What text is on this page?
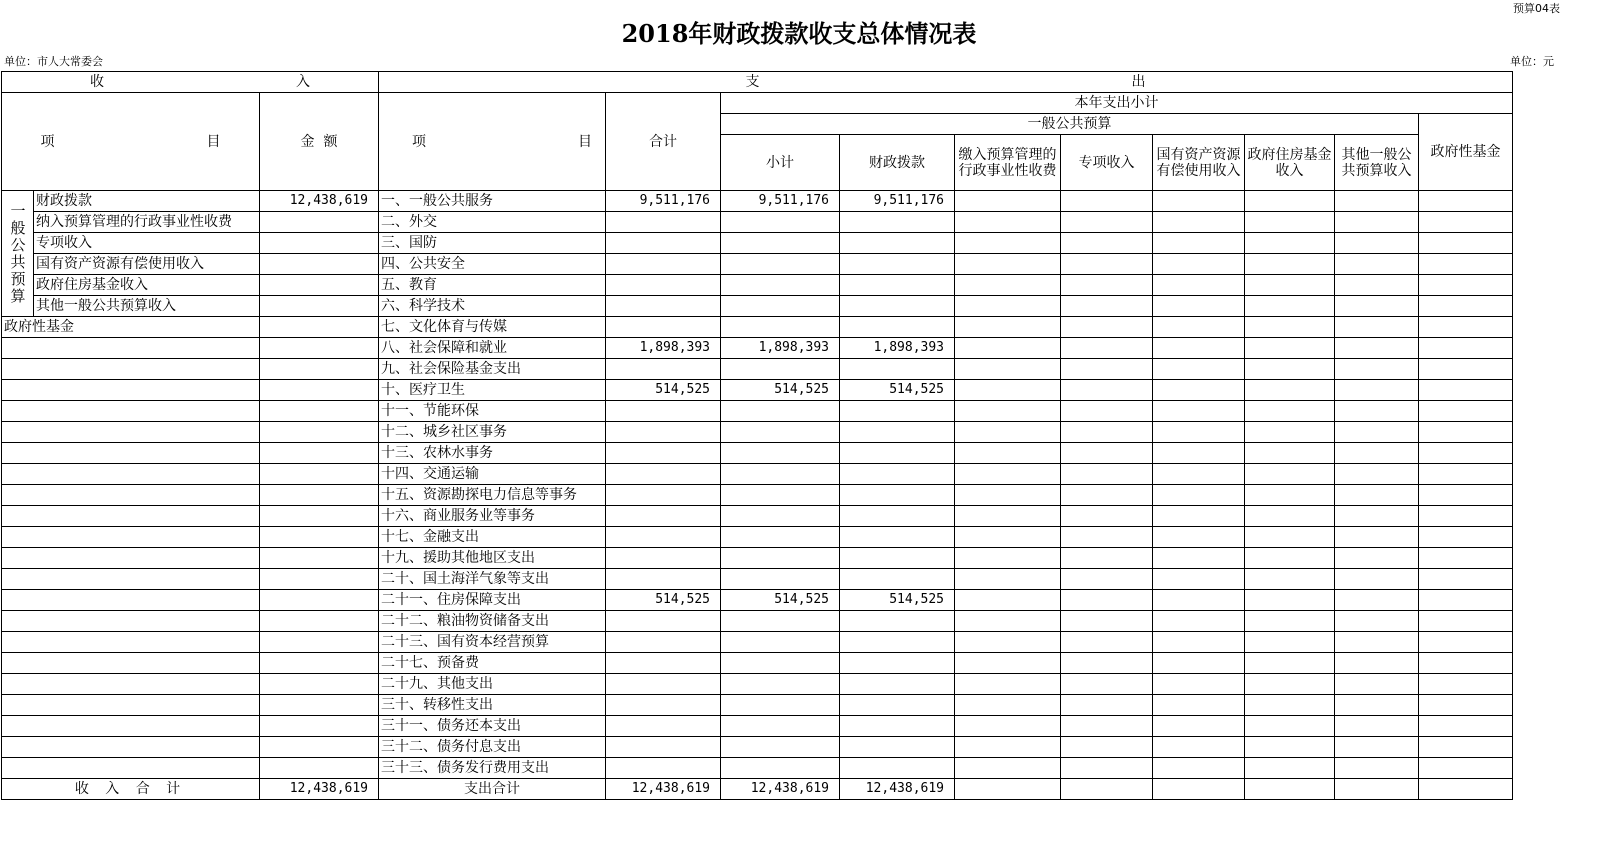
预算04表
2018年财政拨款收支总体情况表
单位：市人大常委会	单位：元
收 入			支 出									
项 目		金  额	项 目	合计	本年支出小计							
					一般公共预算							政府性基金
					小计	财政拨款	缴入预算管理的行政事业性收费	专项收入	国有资产资源有偿使用收入	政府住房基金收入	其他一般公共预算收入	

一般公共预算	财政拨款	12,438,619	一、一般公共服务	9,511,176	9,511,176	9,511,176						
	纳入预算管理的行政事业性收费		二、外交									
	专项收入		三、国防									
	国有资产资源有偿使用收入		四、公共安全									
	政府住房基金收入		五、教育									
	其他一般公共预算收入		六、科学技术									
政府性基金			七、文化体育与传媒									
			八、社会保障和就业	1,898,393	1,898,393	1,898,393						
			九、社会保险基金支出									
			十、医疗卫生	514,525	514,525	514,525						
			十一、节能环保									
			十二、城乡社区事务									
			十三、农林水事务									
			十四、交通运输									
			十五、资源勘探电力信息等事务									
			十六、商业服务业等事务									
			十七、金融支出									
			十九、援助其他地区支出									
			二十、国土海洋气象等支出									
			二十一、住房保障支出	514,525	514,525	514,525						
			二十二、粮油物资储备支出									
			二十三、国有资本经营预算									
			二十七、预备费									
			二十九、其他支出									
			三十、转移性支出									
			三十一、债务还本支出									
			三十二、债务付息支出									
			三十三、债务发行费用支出									
收 入 合 计		12,438,619	支出合计	12,438,619	12,438,619	12,438,619						
